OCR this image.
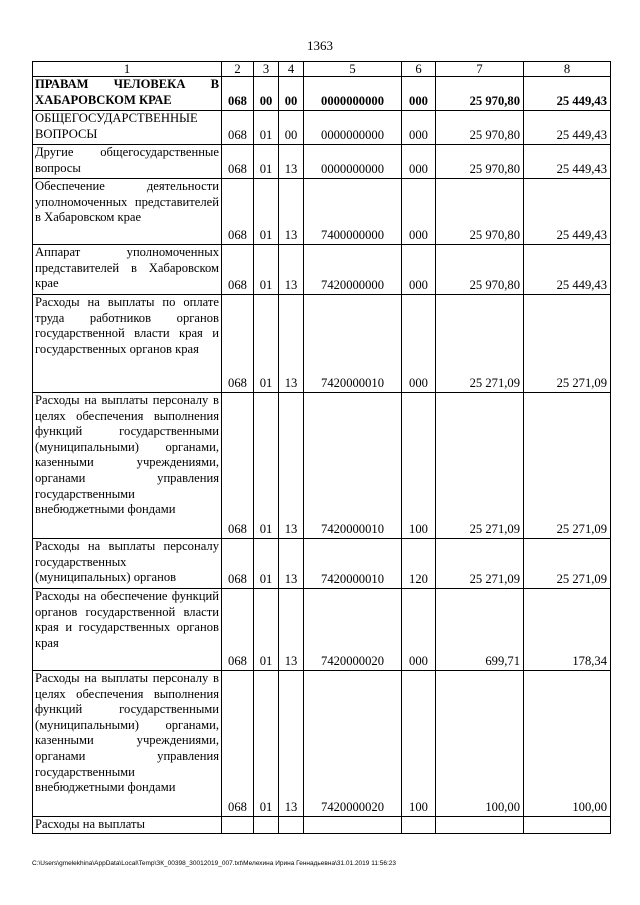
1363
1	2	3	4	5	6	7	8
ПРАВАМ ЧЕЛОВЕКА В ХАБАРОВСКОМ КРАЕ	068	00	00	0000000000	000	25 970,80	25 449,43
ОБЩЕГОСУДАРСТВЕННЫЕ ВОПРОСЫ	068	01	00	0000000000	000	25 970,80	25 449,43
Другие общегосударственные вопросы	068	01	13	0000000000	000	25 970,80	25 449,43
Обеспечение деятельности уполномоченных представителей в Хабаровском крае	068	01	13	7400000000	000	25 970,80	25 449,43
Аппарат уполномоченных представителей в Хабаровском крае	068	01	13	7420000000	000	25 970,80	25 449,43
Расходы на выплаты по оплате труда работников органов государственной власти края и государственных органов края	068	01	13	7420000010	000	25 271,09	25 271,09
Расходы на выплаты персоналу в целях обеспечения выполнения функций государственными (муниципальными) органами, казенными учреждениями, органами управления государственными внебюджетными фондами	068	01	13	7420000010	100	25 271,09	25 271,09
Расходы на выплаты персоналу государственных (муниципальных) органов	068	01	13	7420000010	120	25 271,09	25 271,09
Расходы на обеспечение функций органов государственной власти края и государственных органов края	068	01	13	7420000020	000	699,71	178,34
Расходы на выплаты персоналу в целях обеспечения выполнения функций государственными (муниципальными) органами, казенными учреждениями, органами управления государственными внебюджетными фондами	068	01	13	7420000020	100	100,00	100,00
Расходы на выплаты							
C:\Users\gmelekhina\AppData\Local\Temp\ЗК_00398_30012019_007.txt\Мелехина Ирина Геннадьевна\31.01.2019 11:56:23
